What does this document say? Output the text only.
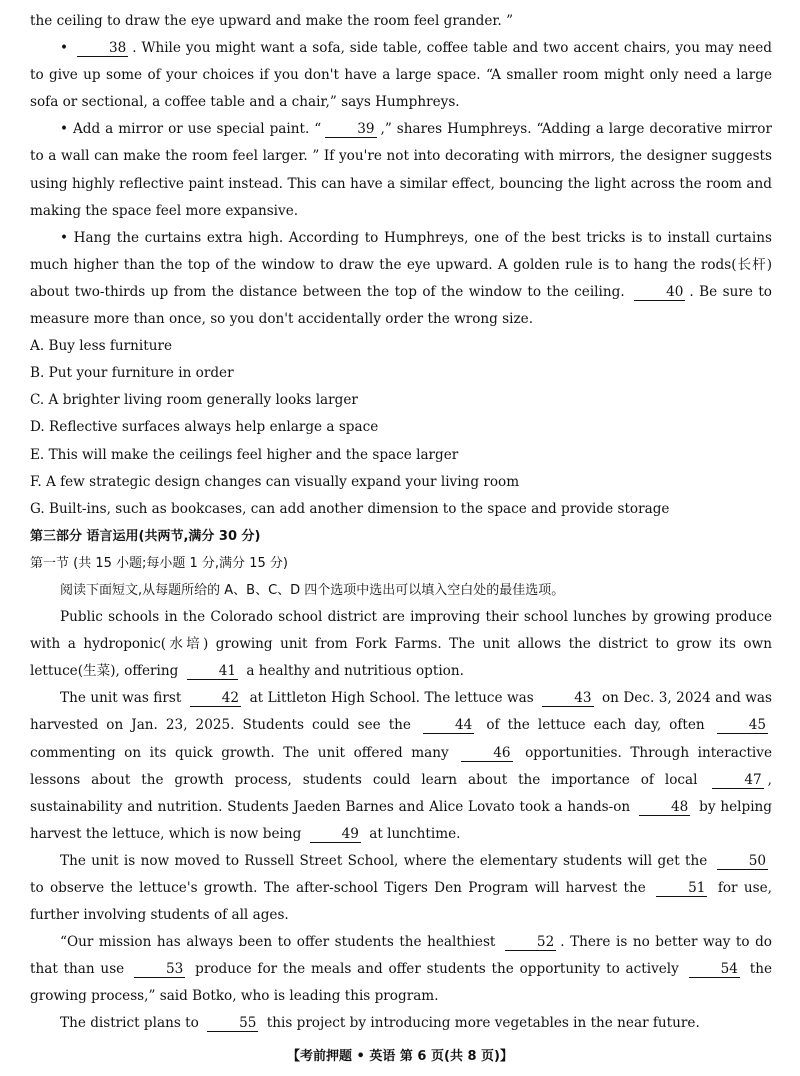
the ceiling to draw the eye upward and make the room feel grander. ”

•	38 . While you might want a sofa, side table, coffee table and two accent chairs, you may need to give up some of your choices if you don't have a large space. “A smaller room might only need a large sofa or sectional, a coffee table and a chair,” says Humphreys.

• Add a mirror or use special paint. “	39 ,” shares Humphreys. “Adding a large decorative mirror to a wall can make the room feel larger. ” If you're not into decorating with mirrors, the designer suggests using highly reflective paint instead. This can have a similar effect, bouncing the light across the room and making the space feel more expansive.

• Hang the curtains extra high. According to Humphreys, one of the best tricks is to install curtains much higher than the top of the window to draw the eye upward. A golden rule is to hang the rods(长杆) about two-thirds up from the distance between the top of the window to the ceiling.	40 . Be sure to measure more than once, so you don't accidentally order the wrong size.

A. Buy less furniture

B. Put your furniture in order

C. A brighter living room generally looks larger

D. Reflective surfaces always help enlarge a space

E. This will make the ceilings feel higher and the space larger

F. A few strategic design changes can visually expand your living room

G. Built-ins, such as bookcases, can add another dimension to the space and provide storage

第三部分 语言运用(共两节,满分 30 分)

第一节 (共 15 小题;每小题 1 分,满分 15 分)

阅读下面短文,从每题所给的 A、B、C、D 四个选项中选出可以填入空白处的最佳选项。

Public schools in the Colorado school district are improving their school lunches by growing produce with a hydroponic(水培) growing unit from Fork Farms. The unit allows the district to grow its own lettuce(生菜), offering	41 a healthy and nutritious option.

The unit was first	42 at Littleton High School. The lettuce was	43 on Dec. 3, 2024 and was harvested on Jan. 23, 2025. Students could see the	44 of the lettuce each day, often	45 commenting on its quick growth. The unit offered many	46 opportunities. Through interactive lessons about the growth process, students could learn about the importance of local	47 , sustainability and nutrition. Students Jaeden Barnes and Alice Lovato took a hands-on	48 by helping harvest the lettuce, which is now being	49 at lunchtime.

The unit is now moved to Russell Street School, where the elementary students will get the	50 to observe the lettuce's growth. The after-school Tigers Den Program will harvest the	51 for use, further involving students of all ages.

“Our mission has always been to offer students the healthiest	52 . There is no better way to do that than use	53 produce for the meals and offer students the opportunity to actively	54 the growing process,” said Botko, who is leading this program.

The district plans to	55 this project by introducing more vegetables in the near future.

【考前押题 • 英语 第 6 页(共 8 页)】
